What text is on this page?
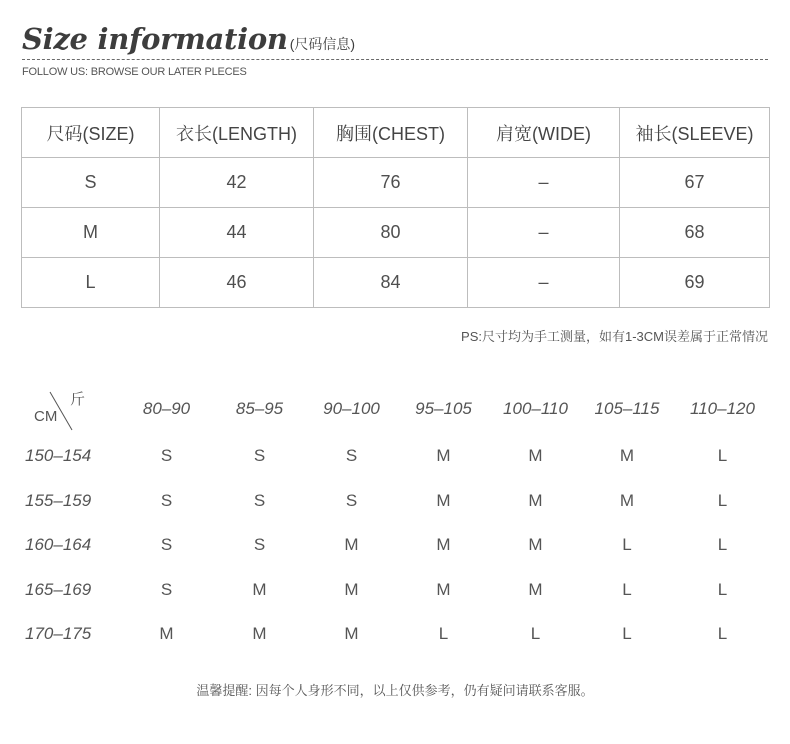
Size information (尺码信息)
FOLLOW US: BROWSE OUR LATER PLECES
尺码(SIZE)	衣长(LENGTH)	胸围(CHEST)	肩宽(WIDE)	袖长(SLEEVE)
S	42	76	–	67
M	44	80	–	68
L	46	84	–	69
PS:尺寸均为手工测量，如有1-3CM误差属于正常情况
CM
斤	80–90	85–95	90–100	95–105	100–110	105–115	110–120
150–154	S	S	S	M	M	M	L
155–159	S	S	S	M	M	M	L
160–164	S	S	M	M	M	L	L
165–169	S	M	M	M	M	L	L
170–175	M	M	M	L	L	L	L
温馨提醒: 因每个人身形不同，以上仅供参考，仍有疑问请联系客服。
